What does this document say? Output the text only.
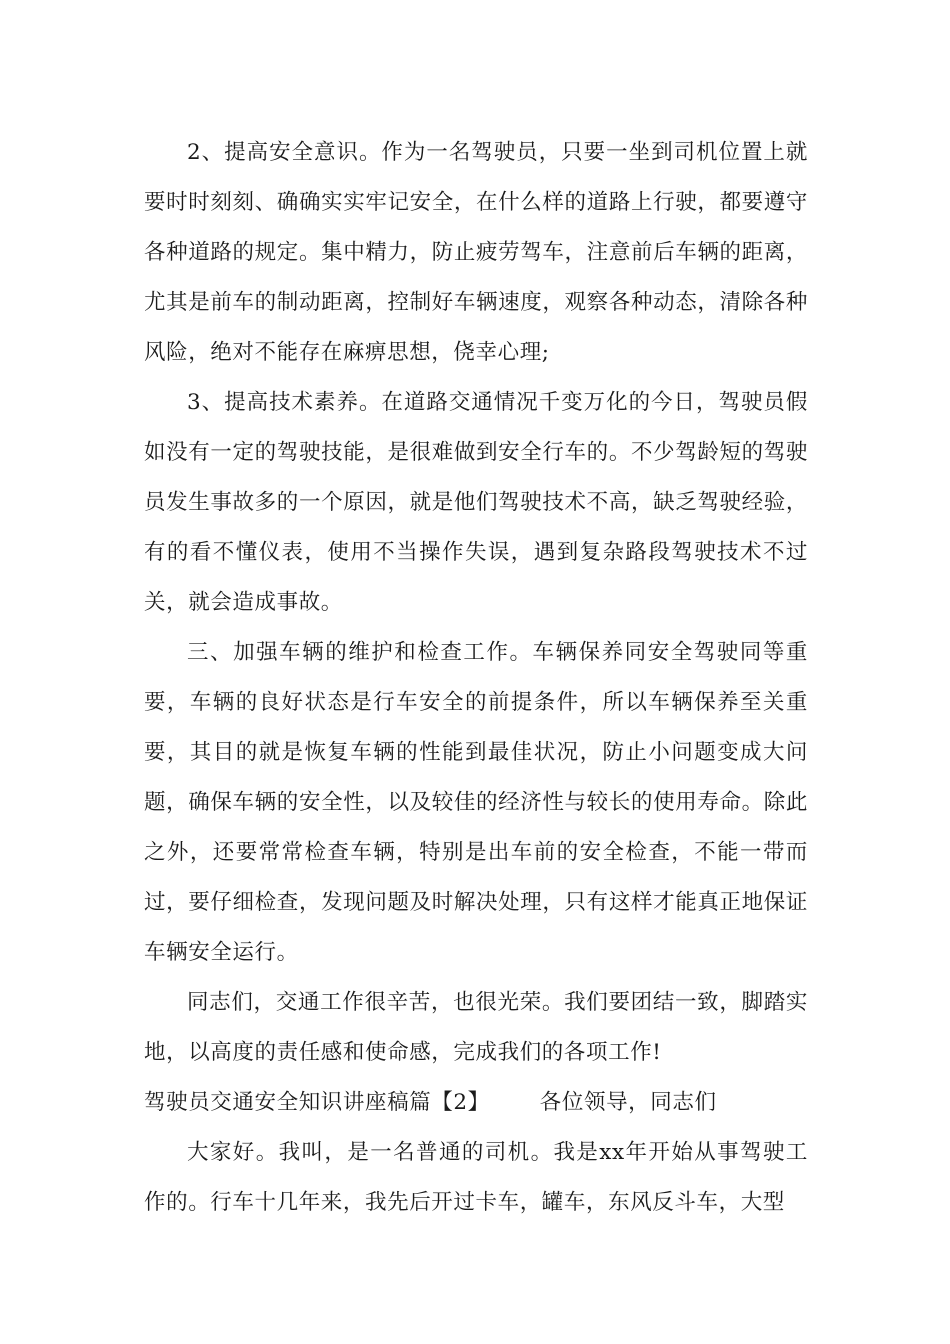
2、提高安全意识。作为一名驾驶员，只要一坐到司机位置上就要时时刻刻、确确实实牢记安全，在什么样的道路上行驶，都要遵守各种道路的规定。集中精力，防止疲劳驾车，注意前后车辆的距离，尤其是前车的制动距离，控制好车辆速度，观察各种动态，清除各种风险，绝对不能存在麻痹思想，侥幸心理;

3、提高技术素养。在道路交通情况千变万化的今日，驾驶员假如没有一定的驾驶技能，是很难做到安全行车的。不少驾龄短的驾驶员发生事故多的一个原因，就是他们驾驶技术不高，缺乏驾驶经验，有的看不懂仪表，使用不当操作失误，遇到复杂路段驾驶技术不过关，就会造成事故。

三、加强车辆的维护和检查工作。车辆保养同安全驾驶同等重要，车辆的良好状态是行车安全的前提条件，所以车辆保养至关重要，其目的就是恢复车辆的性能到最佳状况，防止小问题变成大问题，确保车辆的安全性，以及较佳的经济性与较长的使用寿命。除此之外，还要常常检查车辆，特别是出车前的安全检查，不能一带而过，要仔细检查，发现问题及时解决处理，只有这样才能真正地保证车辆安全运行。

同志们，交通工作很辛苦，也很光荣。我们要团结一致，脚踏实地，以高度的责任感和使命感，完成我们的各项工作!

驾驶员交通安全知识讲座稿篇【2】 各位领导，同志们

大家好。我叫，是一名普通的司机。我是xx年开始从事驾驶工作的。行车十几年来，我先后开过卡车，罐车，东风反斗车，大型
